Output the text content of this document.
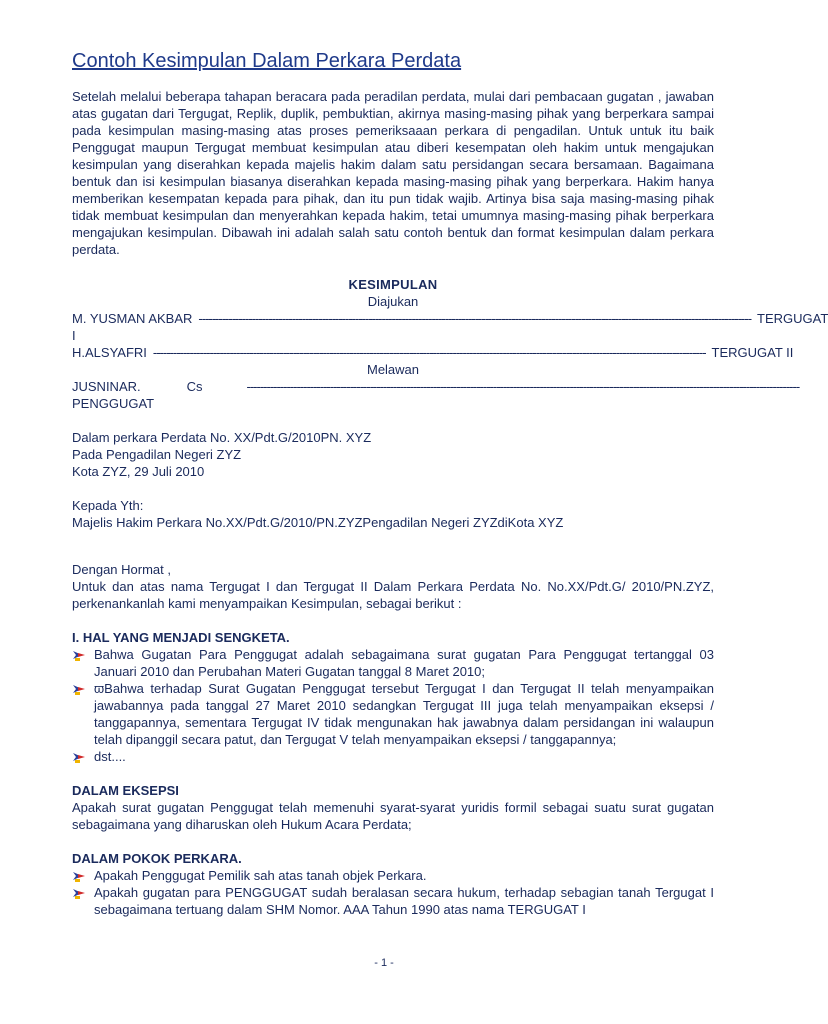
Contoh Kesimpulan Dalam Perkara Perdata

Setelah melalui beberapa tahapan beracara pada peradilan perdata, mulai dari pembacaan gugatan , jawaban atas gugatan dari Tergugat, Replik, duplik, pembuktian, akirnya masing-masing pihak yang berperkara sampai pada kesimpulan masing-masing atas proses pemeriksaaan perkara di pengadilan. Untuk untuk itu baik Penggugat maupun Tergugat membuat kesimpulan atau diberi kesempatan oleh hakim untuk mengajukan kesimpulan yang diserahkan kepada majelis hakim dalam satu persidangan secara bersamaan. Bagaimana bentuk dan isi kesimpulan biasanya diserahkan kepada masing-masing pihak yang berperkara. Hakim hanya memberikan kesempatan kepada para pihak, dan itu pun tidak wajib. Artinya bisa saja masing-masing pihak tidak membuat kesimpulan dan menyerahkan kepada hakim, tetai umumnya masing-masing pihak berperkara mengajukan kesimpulan. Dibawah ini adalah salah satu contoh bentuk dan format kesimpulan dalam perkara perdata.

KESIMPULAN

Diajukan

M. YUSMAN AKBAR ---------------------------------------------------------------------------------------------------------------------------------------------------------------------- TERGUGAT

I

H.ALSYAFRI ---------------------------------------------------------------------------------------------------------------------------------------------------------------------- TERGUGAT II

Melawan

JUSNINAR.	Cs	----------------------------------------------------------------------------------------------------------------------------------------------------------------------

PENGGUGAT

Dalam perkara Perdata No. XX/Pdt.G/2010PN. XYZ

Pada Pengadilan Negeri ZYZ

Kota ZYZ, 29 Juli 2010

Kepada Yth:

Majelis Hakim Perkara No.XX/Pdt.G/2010/PN.ZYZPengadilan Negeri ZYZdiKota XYZ

Dengan Hormat ,

Untuk dan atas nama Tergugat I dan Tergugat II Dalam Perkara Perdata No. No.XX/Pdt.G/ 2010/PN.ZYZ, perkenankanlah kami menyampaikan Kesimpulan, sebagai berikut :

I. HAL YANG MENJADI SENGKETA.

Bahwa Gugatan Para Penggugat adalah sebagaimana surat gugatan Para Penggugat tertanggal 03 Januari 2010 dan Perubahan Materi Gugatan tanggal 8 Maret 2010;
ϖBahwa terhadap Surat Gugatan Penggugat tersebut Tergugat I dan Tergugat II telah menyampaikan jawabannya pada tanggal 27 Maret 2010 sedangkan Tergugat III juga telah menyampaikan eksepsi / tanggapannya, sementara Tergugat IV tidak mengunakan hak jawabnya dalam persidangan ini walaupun telah dipanggil secara patut, dan Tergugat V telah menyampaikan eksepsi / tanggapannya;
dst....

DALAM EKSEPSI

Apakah surat gugatan Penggugat telah memenuhi syarat-syarat yuridis formil sebagai suatu surat gugatan sebagaimana yang diharuskan oleh Hukum Acara Perdata;

DALAM POKOK PERKARA.

Apakah Penggugat Pemilik sah atas tanah objek Perkara.
Apakah gugatan para PENGGUGAT sudah beralasan secara hukum, terhadap sebagian tanah Tergugat I sebagaimana tertuang dalam SHM Nomor. AAA Tahun 1990 atas nama TERGUGAT I
- 1 -
